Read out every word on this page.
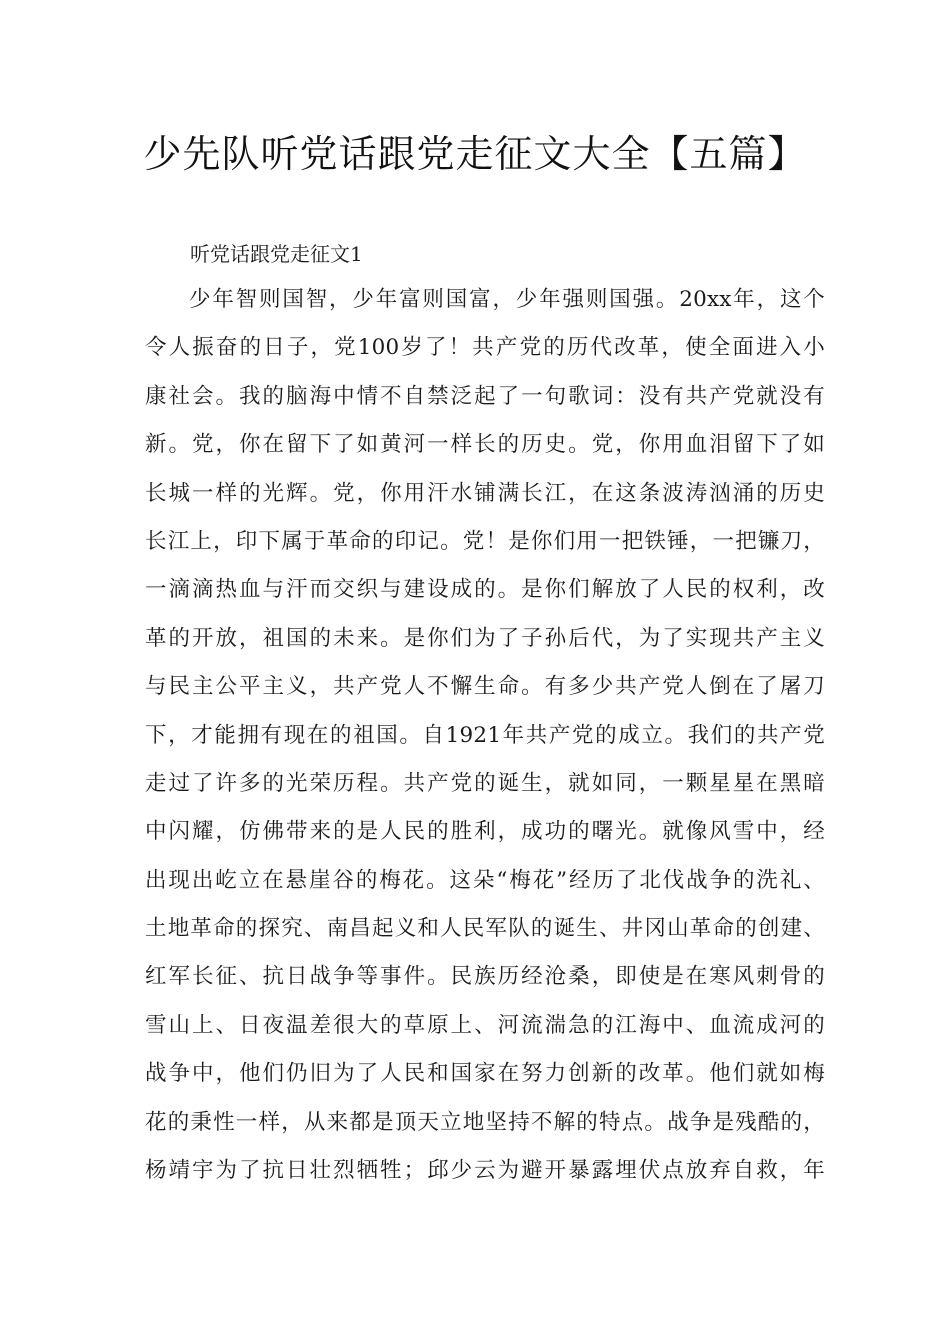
少先队听党话跟党走征文大全【五篇】

听党话跟党走征文1

少年智则国智，少年富则国富，少年强则国强。20xx年，这个
令人振奋的日子，党100岁了！共产党的历代改革，使全面进入小
康社会。我的脑海中情不自禁泛起了一句歌词：没有共产党就没有
新。党，你在留下了如黄河一样长的历史。党，你用血泪留下了如
长城一样的光辉。党，你用汗水铺满长江，在这条波涛汹涌的历史
长江上，印下属于革命的印记。党！是你们用一把铁锤，一把镰刀，
一滴滴热血与汗而交织与建设成的。是你们解放了人民的权利，改
革的开放，祖国的未来。是你们为了子孙后代，为了实现共产主义
与民主公平主义，共产党人不懈生命。有多少共产党人倒在了屠刀
下，才能拥有现在的祖国。自1921年共产党的成立。我们的共产党
走过了许多的光荣历程。共产党的诞生，就如同，一颗星星在黑暗
中闪耀，仿佛带来的是人民的胜利，成功的曙光。就像风雪中，经
出现出屹立在悬崖谷的梅花。这朵“梅花”经历了北伐战争的洗礼、
土地革命的探究、南昌起义和人民军队的诞生、井冈山革命的创建、
红军长征、抗日战争等事件。民族历经沧桑，即使是在寒风刺骨的
雪山上、日夜温差很大的草原上、河流湍急的江海中、血流成河的
战争中，他们仍旧为了人民和国家在努力创新的改革。他们就如梅
花的秉性一样，从来都是顶天立地坚持不解的特点。战争是残酷的，
杨靖宇为了抗日壮烈牺牲；邱少云为避开暴露埋伏点放弃自救，年
